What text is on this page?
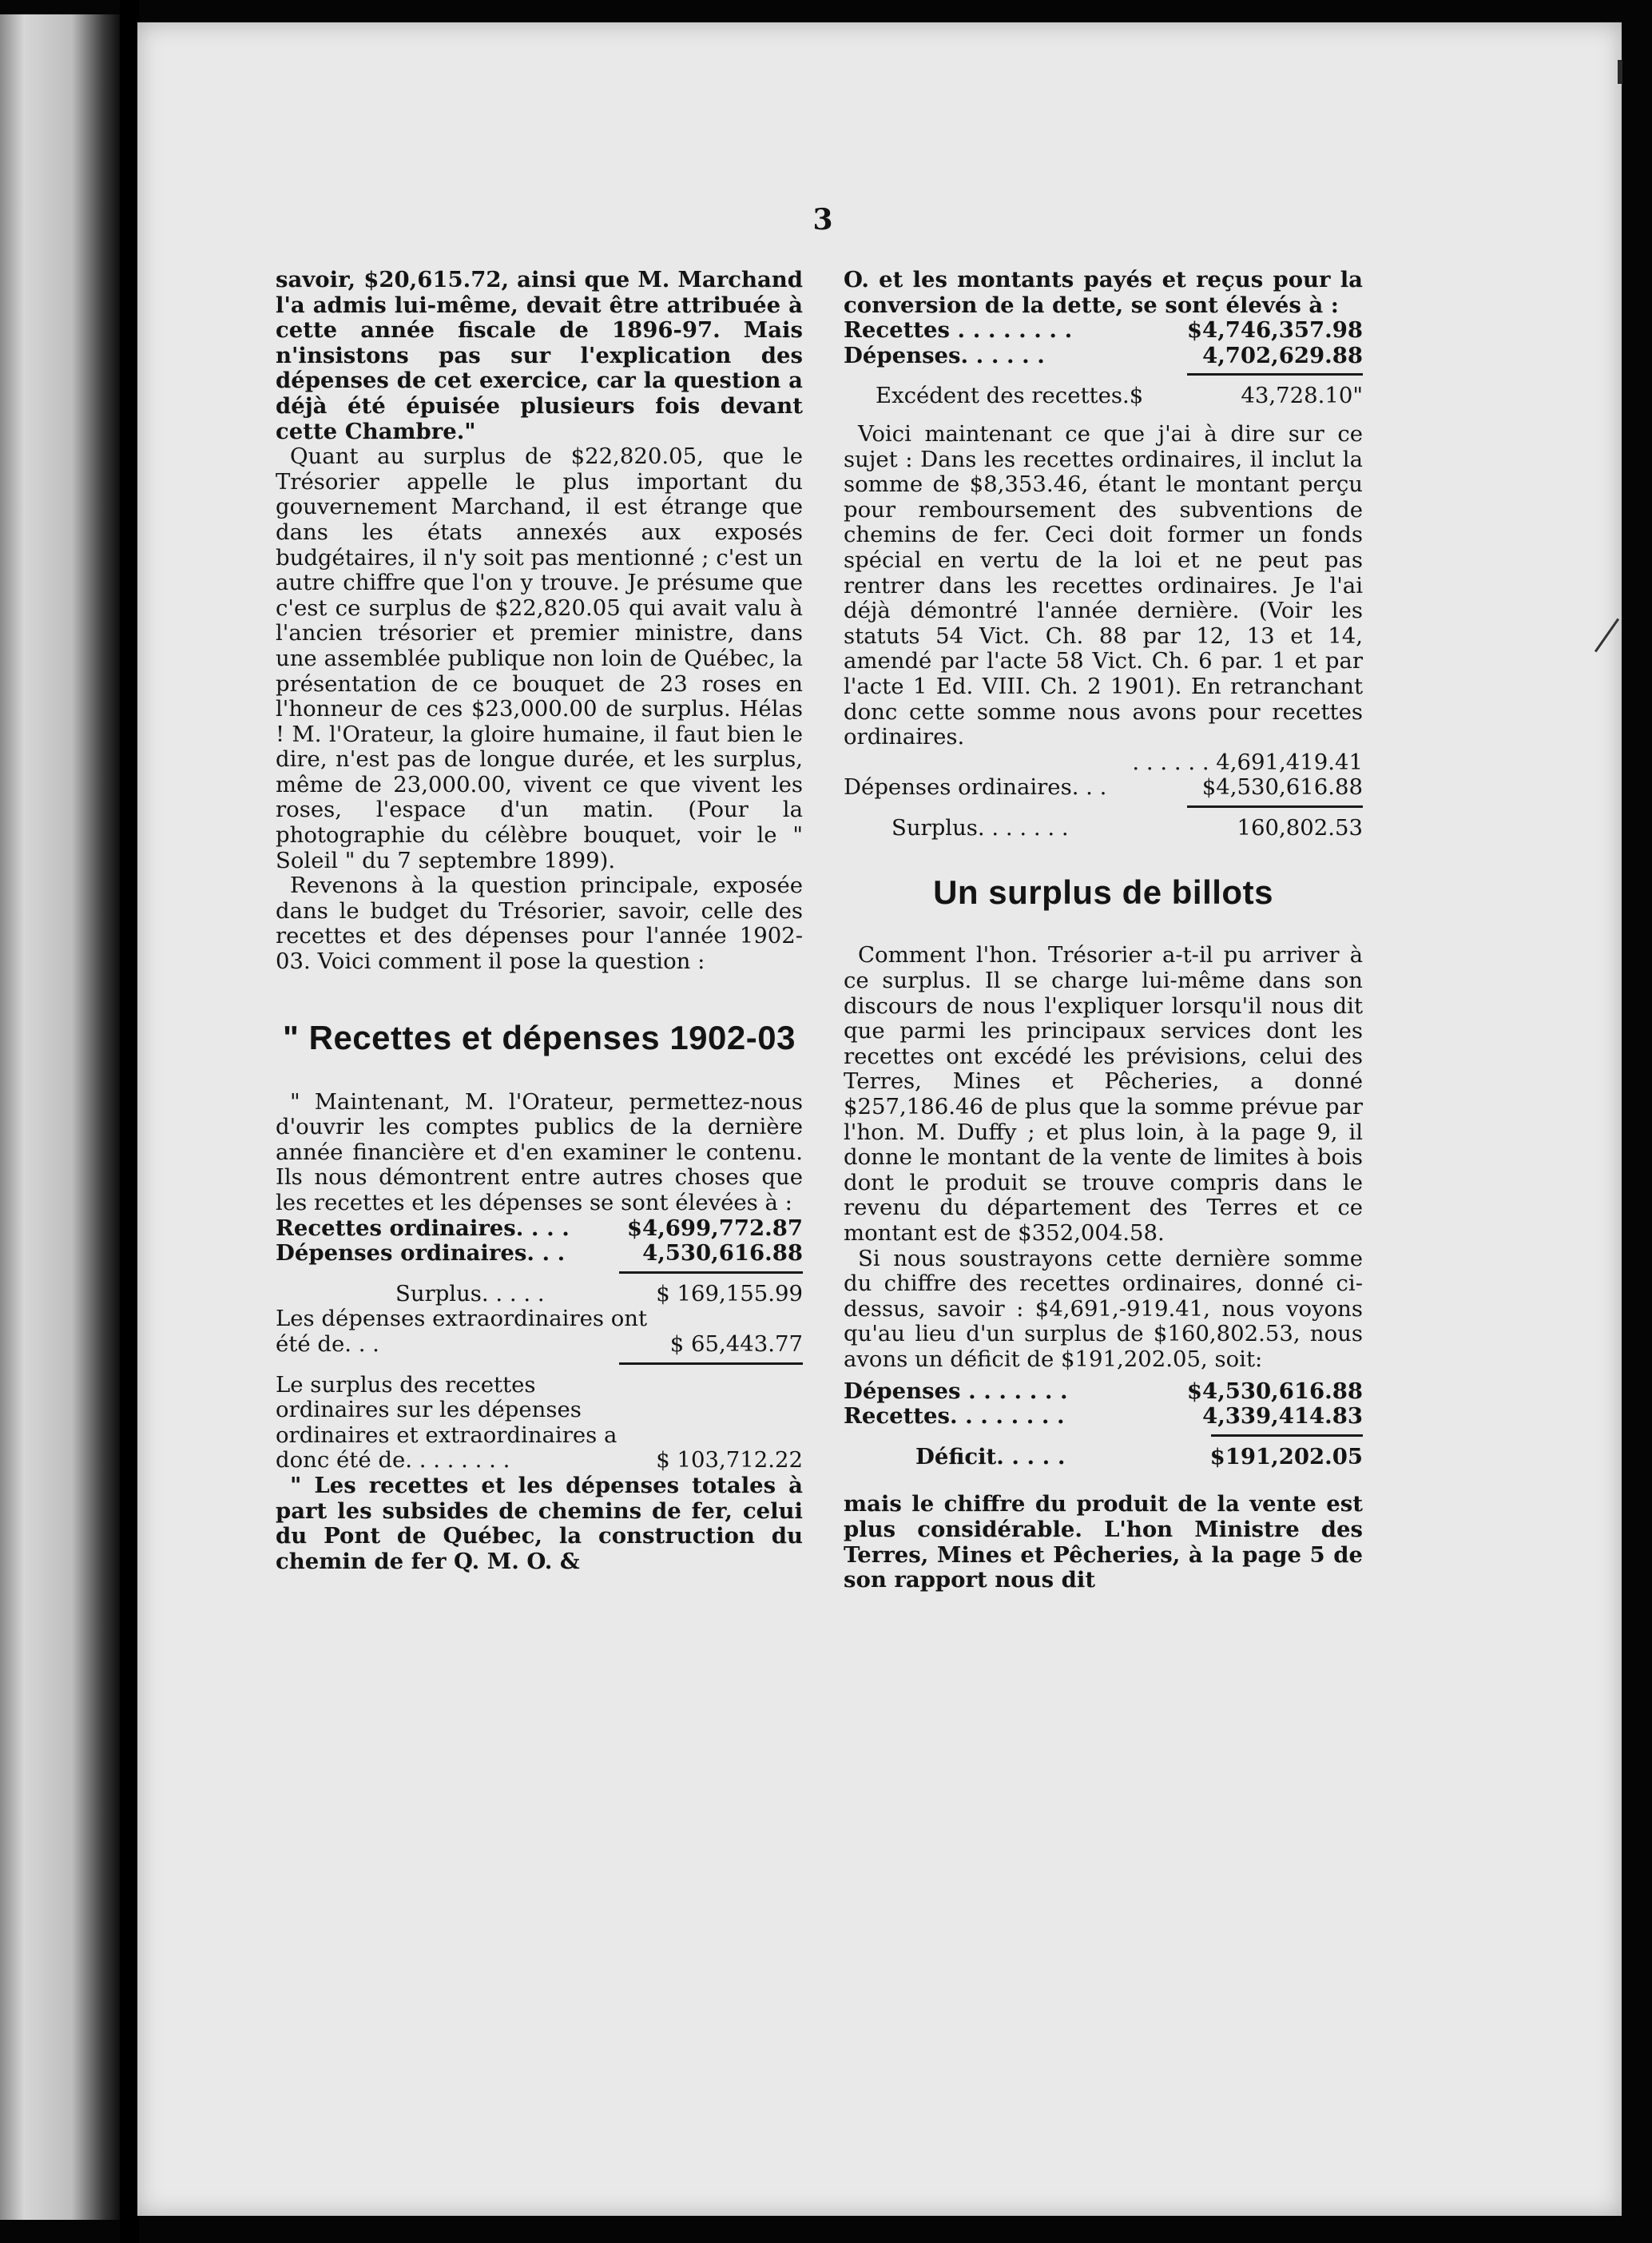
3

savoir, $20,615.72, ainsi que M. Marchand l'a admis lui-même, devait être attribuée à cette année fiscale de 1896-97. Mais n'insistons pas sur l'explication des dépenses de cet exercice, car la question a déjà été épuisée plusieurs fois devant cette Chambre."

Quant au surplus de $22,820.05, que le Trésorier appelle le plus important du gouvernement Marchand, il est étrange que dans les états annexés aux exposés budgétaires, il n'y soit pas mentionné ; c'est un autre chiffre que l'on y trouve. Je présume que c'est ce surplus de $22,820.05 qui avait valu à l'ancien trésorier et premier ministre, dans une assemblée publique non loin de Québec, la présentation de ce bouquet de 23 roses en l'honneur de ces $23,000.00 de surplus. Hélas ! M. l'Orateur, la gloire humaine, il faut bien le dire, n'est pas de longue durée, et les surplus, même de 23,000.00, vivent ce que vivent les roses, l'espace d'un matin. (Pour la photographie du célèbre bouquet, voir le " Soleil " du 7 septembre 1899).

Revenons à la question principale, exposée dans le budget du Trésorier, savoir, celle des recettes et des dépenses pour l'année 1902-03. Voici comment il pose la question :

" Recettes et dépenses 1902-03

" Maintenant, M. l'Orateur, permettez-nous d'ouvrir les comptes publics de la dernière année financière et d'en examiner le contenu. Ils nous démontrent entre autres choses que les recettes et les dépenses se sont élevées à :

Recettes ordinaires. . . .	$4,699,772.87
Dépenses ordinaires. . .	4,530,616.88
Surplus. . . . .	$ 169,155.99
Les dépenses extraordinaires ont été de. . .	$ 65,443.77
Le surplus des recettes ordinaires sur les dépenses ordinaires et extraordinaires a donc été de. . . . . . . .	$ 103,712.22

" Les recettes et les dépenses totales à part les subsides de chemins de fer, celui du Pont de Québec, la construction du chemin de fer Q. M. O. &

O. et les montants payés et reçus pour la conversion de la dette, se sont élevés à :

Recettes . . . . . . . .	$4,746,357.98
Dépenses. . . . . .	4,702,629.88
Excédent des recettes.$	43,728.10"

Voici maintenant ce que j'ai à dire sur ce sujet : Dans les recettes ordinaires, il inclut la somme de $8,353.46, étant le montant perçu pour remboursement des subventions de chemins de fer. Ceci doit former un fonds spécial en vertu de la loi et ne peut pas rentrer dans les recettes ordinaires. Je l'ai déjà démontré l'année dernière. (Voir les statuts 54 Vict. Ch. 88 par 12, 13 et 14, amendé par l'acte 58 Vict. Ch. 6 par. 1 et par l'acte 1 Ed. VIII. Ch. 2 1901). En retranchant donc cette somme nous avons pour recettes ordinaires.

. . . . . . 4,691,419.41
Dépenses ordinaires. . .	$4,530,616.88
Surplus. . . . . . .	160,802.53
Un surplus de billots

Comment l'hon. Trésorier a-t-il pu arriver à ce surplus. Il se charge lui-même dans son discours de nous l'expliquer lorsqu'il nous dit que parmi les principaux services dont les recettes ont excédé les prévisions, celui des Terres, Mines et Pêcheries, a donné $257,186.46 de plus que la somme prévue par l'hon. M. Duffy ; et plus loin, à la page 9, il donne le montant de la vente de limites à bois dont le produit se trouve compris dans le revenu du département des Terres et ce montant est de $352,004.58.

Si nous soustrayons cette dernière somme du chiffre des recettes ordinaires, donné ci-dessus, savoir : $4,691,-919.41, nous voyons qu'au lieu d'un surplus de $160,802.53, nous avons un déficit de $191,202.05, soit:

Dépenses . . . . . . .	$4,530,616.88
Recettes. . . . . . . .	4,339,414.83
Déficit. . . . .	$191,202.05

mais le chiffre du produit de la vente est plus considérable. L'hon Ministre des Terres, Mines et Pêcheries, à la page 5 de son rapport nous dit
